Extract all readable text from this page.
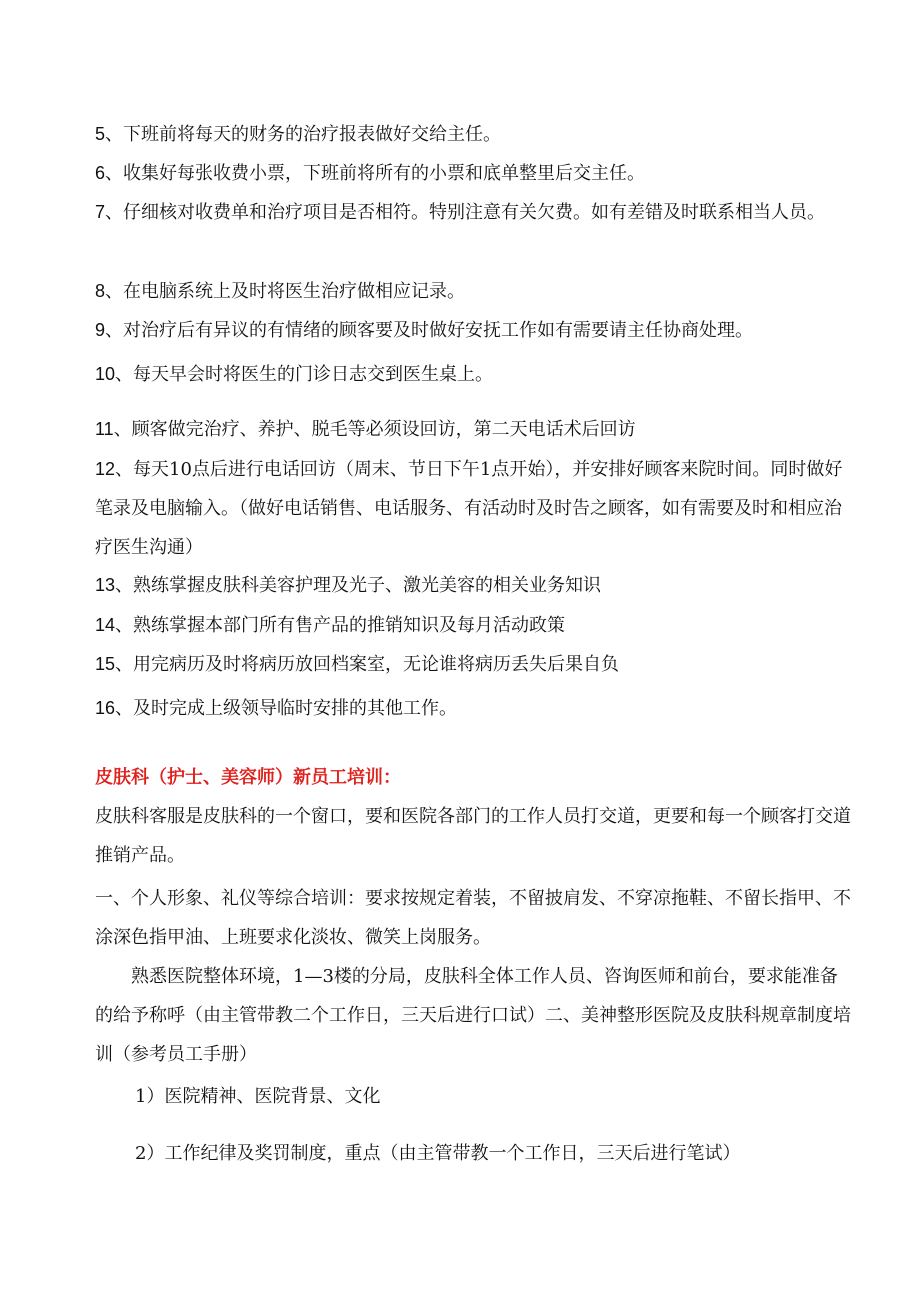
5、下班前将每天的财务的治疗报表做好交给主任。
6、收集好每张收费小票，下班前将所有的小票和底单整里后交主任。
7、仔细核对收费单和治疗项目是否相符。特别注意有关欠费。如有差错及时联系相当人员。
8、在电脑系统上及时将医生治疗做相应记录。
9、对治疗后有异议的有情绪的顾客要及时做好安抚工作如有需要请主任协商处理。
10、每天早会时将医生的门诊日志交到医生桌上。
11、顾客做完治疗、养护、脱毛等必须设回访，第二天电话术后回访
12、每天10点后进行电话回访（周末、节日下午1点开始），并安排好顾客来院时间。同时做好笔录及电脑输入。（做好电话销售、电话服务、有活动时及时告之顾客，如有需要及时和相应治疗医生沟通）
13、熟练掌握皮肤科美容护理及光子、激光美容的相关业务知识
14、熟练掌握本部门所有售产品的推销知识及每月活动政策
15、用完病历及时将病历放回档案室，无论谁将病历丢失后果自负
16、及时完成上级领导临时安排的其他工作。
皮肤科（护士、美容师）新员工培训：
皮肤科客服是皮肤科的一个窗口，要和医院各部门的工作人员打交道，更要和每一个顾客打交道推销产品。
一、个人形象、礼仪等综合培训：要求按规定着装，不留披肩发、不穿凉拖鞋、不留长指甲、不涂深色指甲油、上班要求化淡妆、微笑上岗服务。
熟悉医院整体环境，1—3楼的分局，皮肤科全体工作人员、咨询医师和前台，要求能准备的给予称呼（由主管带教二个工作日，三天后进行口试）二、美神整形医院及皮肤科规章制度培训（参考员工手册）
1）医院精神、医院背景、文化
2）工作纪律及奖罚制度，重点（由主管带教一个工作日，三天后进行笔试）
